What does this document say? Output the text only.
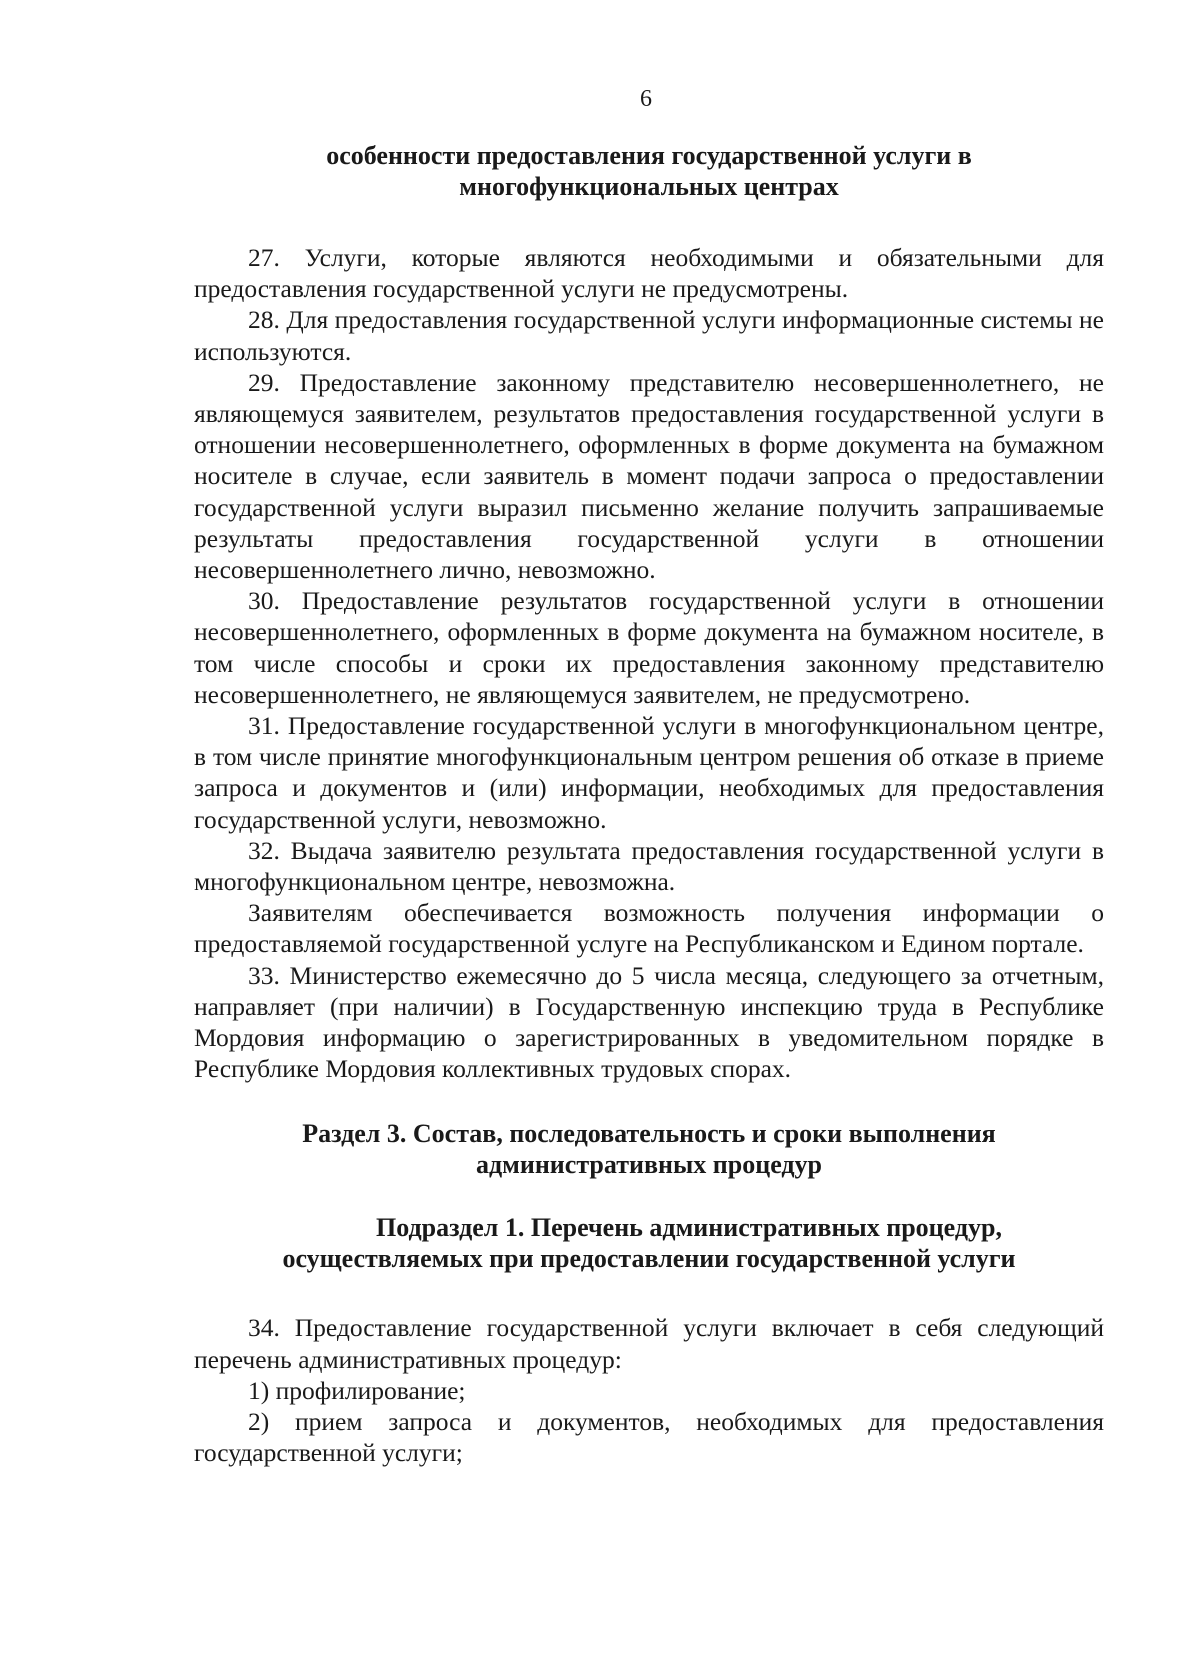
6
особенности предоставления государственной услуги в
многофункциональных центрах

27. Услуги, которые являются необходимыми и обязательными для предоставления государственной услуги не предусмотрены.

28. Для предоставления государственной услуги информационные системы не используются.

29. Предоставление законному представителю несовершеннолетнего, не являющемуся заявителем, результатов предоставления государственной услуги в отношении несовершеннолетнего, оформленных в форме документа на бумажном носителе в случае, если заявитель в момент подачи запроса о предоставлении государственной услуги выразил письменно желание получить запрашиваемые результаты предоставления государственной услуги в отношении несовершеннолетнего лично, невозможно.

30. Предоставление результатов государственной услуги в отношении несовершеннолетнего, оформленных в форме документа на бумажном носителе, в том числе способы и сроки их предоставления законному представителю несовершеннолетнего, не являющемуся заявителем, не предусмотрено.

31. Предоставление государственной услуги в многофункциональном центре, в том числе принятие многофункциональным центром решения об отказе в приеме запроса и документов и (или) информации, необходимых для предоставления государственной услуги, невозможно.

32. Выдача заявителю результата предоставления государственной услуги в многофункциональном центре, невозможна.

Заявителям обеспечивается возможность получения информации о предоставляемой государственной услуге на Республиканском и Едином портале.

33. Министерство ежемесячно до 5 числа месяца, следующего за отчетным, направляет (при наличии) в Государственную инспекцию труда в Республике Мордовия информацию о зарегистрированных в уведомительном порядке в Республике Мордовия коллективных трудовых спорах.

Раздел 3. Состав, последовательность и сроки выполнения
административных процедур
Подраздел 1. Перечень административных процедур,
осуществляемых при предоставлении государственной услуги

34. Предоставление государственной услуги включает в себя следующий перечень административных процедур:

1) профилирование;

2) прием запроса и документов, необходимых для предоставления государственной услуги;
